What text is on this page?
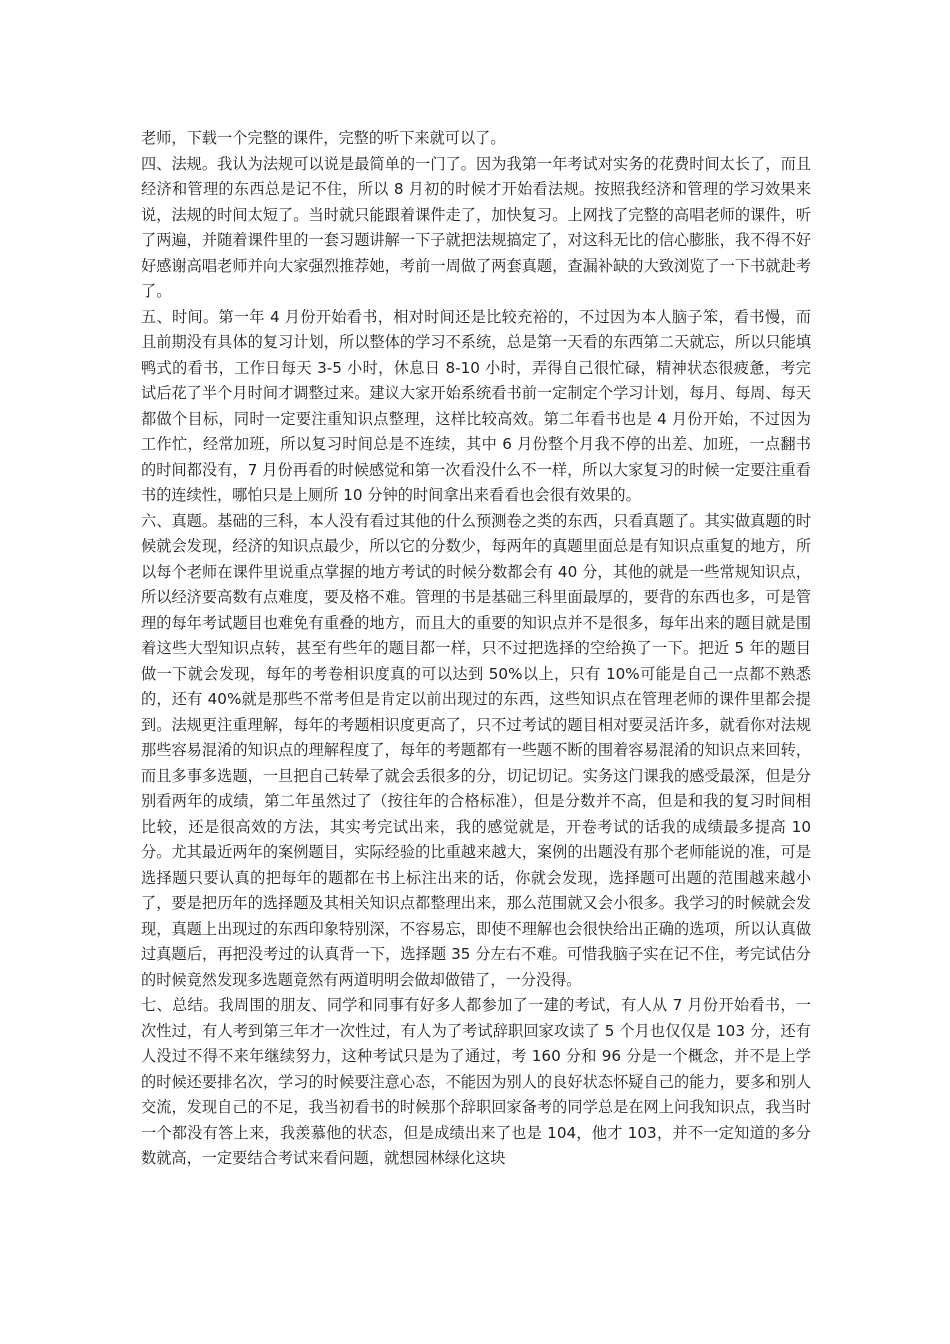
老师，下载一个完整的课件，完整的听下来就可以了。

四、法规。我认为法规可以说是最简单的一门了。因为我第一年考试对实务的花费时间太长了，而且经济和管理的东西总是记不住，所以 8 月初的时候才开始看法规。按照我经济和管理的学习效果来说，法规的时间太短了。当时就只能跟着课件走了，加快复习。上网找了完整的高唱老师的课件，听了两遍，并随着课件里的一套习题讲解一下子就把法规搞定了，对这科无比的信心膨胀，我不得不好好感谢高唱老师并向大家强烈推荐她，考前一周做了两套真题，查漏补缺的大致浏览了一下书就赴考了。

五、时间。第一年 4 月份开始看书，相对时间还是比较充裕的，不过因为本人脑子笨，看书慢，而且前期没有具体的复习计划，所以整体的学习不系统，总是第一天看的东西第二天就忘，所以只能填鸭式的看书，工作日每天 3-5 小时，休息日 8-10 小时，弄得自己很忙碌，精神状态很疲惫，考完试后花了半个月时间才调整过来。建议大家开始系统看书前一定制定个学习计划，每月、每周、每天都做个目标，同时一定要注重知识点整理，这样比较高效。第二年看书也是 4 月份开始，不过因为工作忙，经常加班，所以复习时间总是不连续，其中 6 月份整个月我不停的出差、加班，一点翻书的时间都没有，7 月份再看的时候感觉和第一次看没什么不一样，所以大家复习的时候一定要注重看书的连续性，哪怕只是上厕所 10 分钟的时间拿出来看看也会很有效果的。

六、真题。基础的三科，本人没有看过其他的什么预测卷之类的东西，只看真题了。其实做真题的时候就会发现，经济的知识点最少，所以它的分数少，每两年的真题里面总是有知识点重复的地方，所以每个老师在课件里说重点掌握的地方考试的时候分数都会有 40 分，其他的就是一些常规知识点，所以经济要高数有点难度，要及格不难。管理的书是基础三科里面最厚的，要背的东西也多，可是管理的每年考试题目也难免有重叠的地方，而且大的重要的知识点并不是很多，每年出来的题目就是围着这些大型知识点转，甚至有些年的题目都一样，只不过把选择的空给换了一下。把近 5 年的题目做一下就会发现，每年的考卷相识度真的可以达到 50%以上，只有 10%可能是自己一点都不熟悉的，还有 40%就是那些不常考但是肯定以前出现过的东西，这些知识点在管理老师的课件里都会提到。法规更注重理解，每年的考题相识度更高了，只不过考试的题目相对要灵活许多，就看你对法规那些容易混淆的知识点的理解程度了，每年的考题都有一些题不断的围着容易混淆的知识点来回转，而且多事多选题，一旦把自己转晕了就会丢很多的分，切记切记。实务这门课我的感受最深，但是分别看两年的成绩，第二年虽然过了（按往年的合格标准），但是分数并不高，但是和我的复习时间相比较，还是很高效的方法，其实考完试出来，我的感觉就是，开卷考试的话我的成绩最多提高 10 分。尤其最近两年的案例题目，实际经验的比重越来越大，案例的出题没有那个老师能说的准，可是选择题只要认真的把每年的题都在书上标注出来的话，你就会发现，选择题可出题的范围越来越小了，要是把历年的选择题及其相关知识点都整理出来，那么范围就又会小很多。我学习的时候就会发现，真题上出现过的东西印象特别深，不容易忘，即使不理解也会很快给出正确的选项，所以认真做过真题后，再把没考过的认真背一下，选择题 35 分左右不难。可惜我脑子实在记不住，考完试估分的时候竟然发现多选题竟然有两道明明会做却做错了，一分没得。

七、总结。我周围的朋友、同学和同事有好多人都参加了一建的考试，有人从 7 月份开始看书，一次性过，有人考到第三年才一次性过，有人为了考试辞职回家攻读了 5 个月也仅仅是 103 分，还有人没过不得不来年继续努力，这种考试只是为了通过，考 160 分和 96 分是一个概念，并不是上学的时候还要排名次，学习的时候要注意心态，不能因为别人的良好状态怀疑自己的能力，要多和别人交流，发现自己的不足，我当初看书的时候那个辞职回家备考的同学总是在网上问我知识点，我当时一个都没有答上来，我羡慕他的状态，但是成绩出来了也是 104，他才 103，并不一定知道的多分数就高，一定要结合考试来看问题，就想园林绿化这块
